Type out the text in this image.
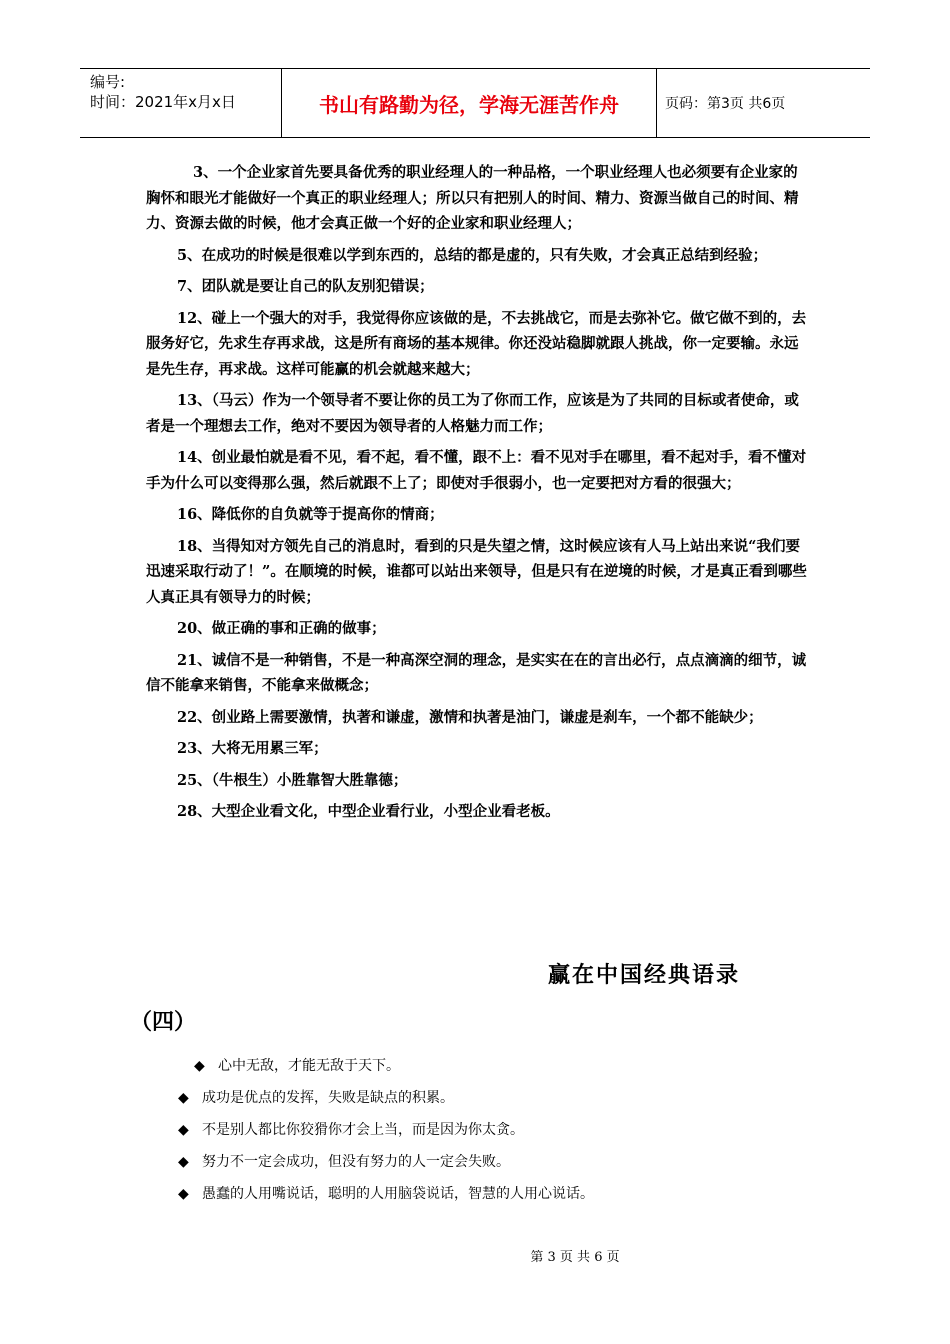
编号:
时间：2021年x月x日	书山有路勤为径，学海无涯苦作舟	页码：第3页 共6页

3、一个企业家首先要具备优秀的职业经理人的一种品格，一个职业经理人也必须要有企业家的胸怀和眼光才能做好一个真正的职业经理人；所以只有把别人的时间、精力、资源当做自己的时间、精力、资源去做的时候，他才会真正做一个好的企业家和职业经理人；

5、在成功的时候是很难以学到东西的，总结的都是虚的，只有失败，才会真正总结到经验；

7、团队就是要让自己的队友别犯错误；

12、碰上一个强大的对手，我觉得你应该做的是，不去挑战它，而是去弥补它。做它做不到的，去服务好它，先求生存再求战，这是所有商场的基本规律。你还没站稳脚就跟人挑战，你一定要输。永远是先生存，再求战。这样可能赢的机会就越来越大；

13、（马云）作为一个领导者不要让你的员工为了你而工作，应该是为了共同的目标或者使命，或者是一个理想去工作，绝对不要因为领导者的人格魅力而工作；

14、创业最怕就是看不见，看不起，看不懂，跟不上：看不见对手在哪里，看不起对手，看不懂对手为什么可以变得那么强，然后就跟不上了；即使对手很弱小，也一定要把对方看的很强大；

16、降低你的自负就等于提高你的情商；

18、当得知对方领先自己的消息时，看到的只是失望之情，这时候应该有人马上站出来说“我们要迅速采取行动了！”。在顺境的时候，谁都可以站出来领导，但是只有在逆境的时候，才是真正看到哪些人真正具有领导力的时候；

20、做正确的事和正确的做事；

21、诚信不是一种销售，不是一种高深空洞的理念，是实实在在的言出必行，点点滴滴的细节，诚信不能拿来销售，不能拿来做概念；

22、创业路上需要激情，执著和谦虚，激情和执著是油门，谦虚是刹车，一个都不能缺少；

23、大将无用累三军；

25、（牛根生）小胜靠智大胜靠德；

28、大型企业看文化，中型企业看行业，小型企业看老板。

赢在中国经典语录
（四）
◆ 心中无敌，才能无敌于天下。
◆ 成功是优点的发挥，失败是缺点的积累。
◆ 不是别人都比你狡猾你才会上当，而是因为你太贪。
◆ 努力不一定会成功，但没有努力的人一定会失败。
◆ 愚蠢的人用嘴说话，聪明的人用脑袋说话，智慧的人用心说话。
第 3 页 共 6 页
